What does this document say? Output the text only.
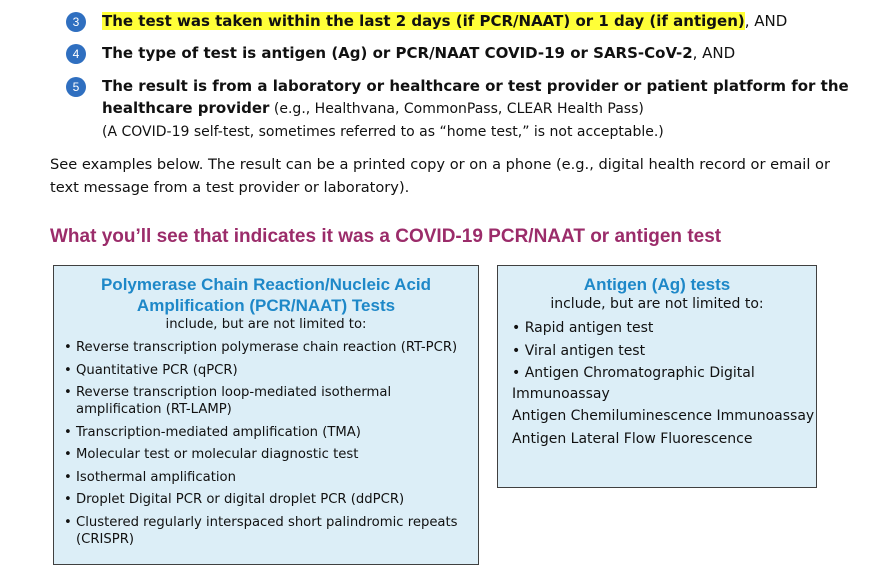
3	The test was taken within the last 2 days (if PCR/NAAT) or 1 day (if antigen), AND
4	The type of test is antigen (Ag) or PCR/NAAT COVID-19 or SARS-CoV-2, AND
5	The result is from a laboratory or healthcare or test provider or patient platform for the
healthcare provider (e.g., Healthvana, CommonPass, CLEAR Health Pass)
(A COVID-19 self-test, sometimes referred to as “home test,” is not acceptable.)
See examples below. The result can be a printed copy or on a phone (e.g., digital health record or email or text message from a test provider or laboratory).
What you’ll see that indicates it was a COVID-19 PCR/NAAT or antigen test
Polymerase Chain Reaction/Nucleic Acid Amplification (PCR/NAAT) Tests
include, but are not limited to:
• Reverse transcription polymerase chain reaction (RT-PCR)
• Quantitative PCR (qPCR)
• Reverse transcription loop-mediated isothermal amplification (RT-LAMP)
• Transcription-mediated amplification (TMA)
• Molecular test or molecular diagnostic test
• Isothermal amplification
• Droplet Digital PCR or digital droplet PCR (ddPCR)
• Clustered regularly interspaced short palindromic repeats (CRISPR)
Antigen (Ag) tests
include, but are not limited to:
• Rapid antigen test
• Viral antigen test
• Antigen Chromatographic Digital Immunoassay
Antigen Chemiluminescence Immunoassay
Antigen Lateral Flow Fluorescence
